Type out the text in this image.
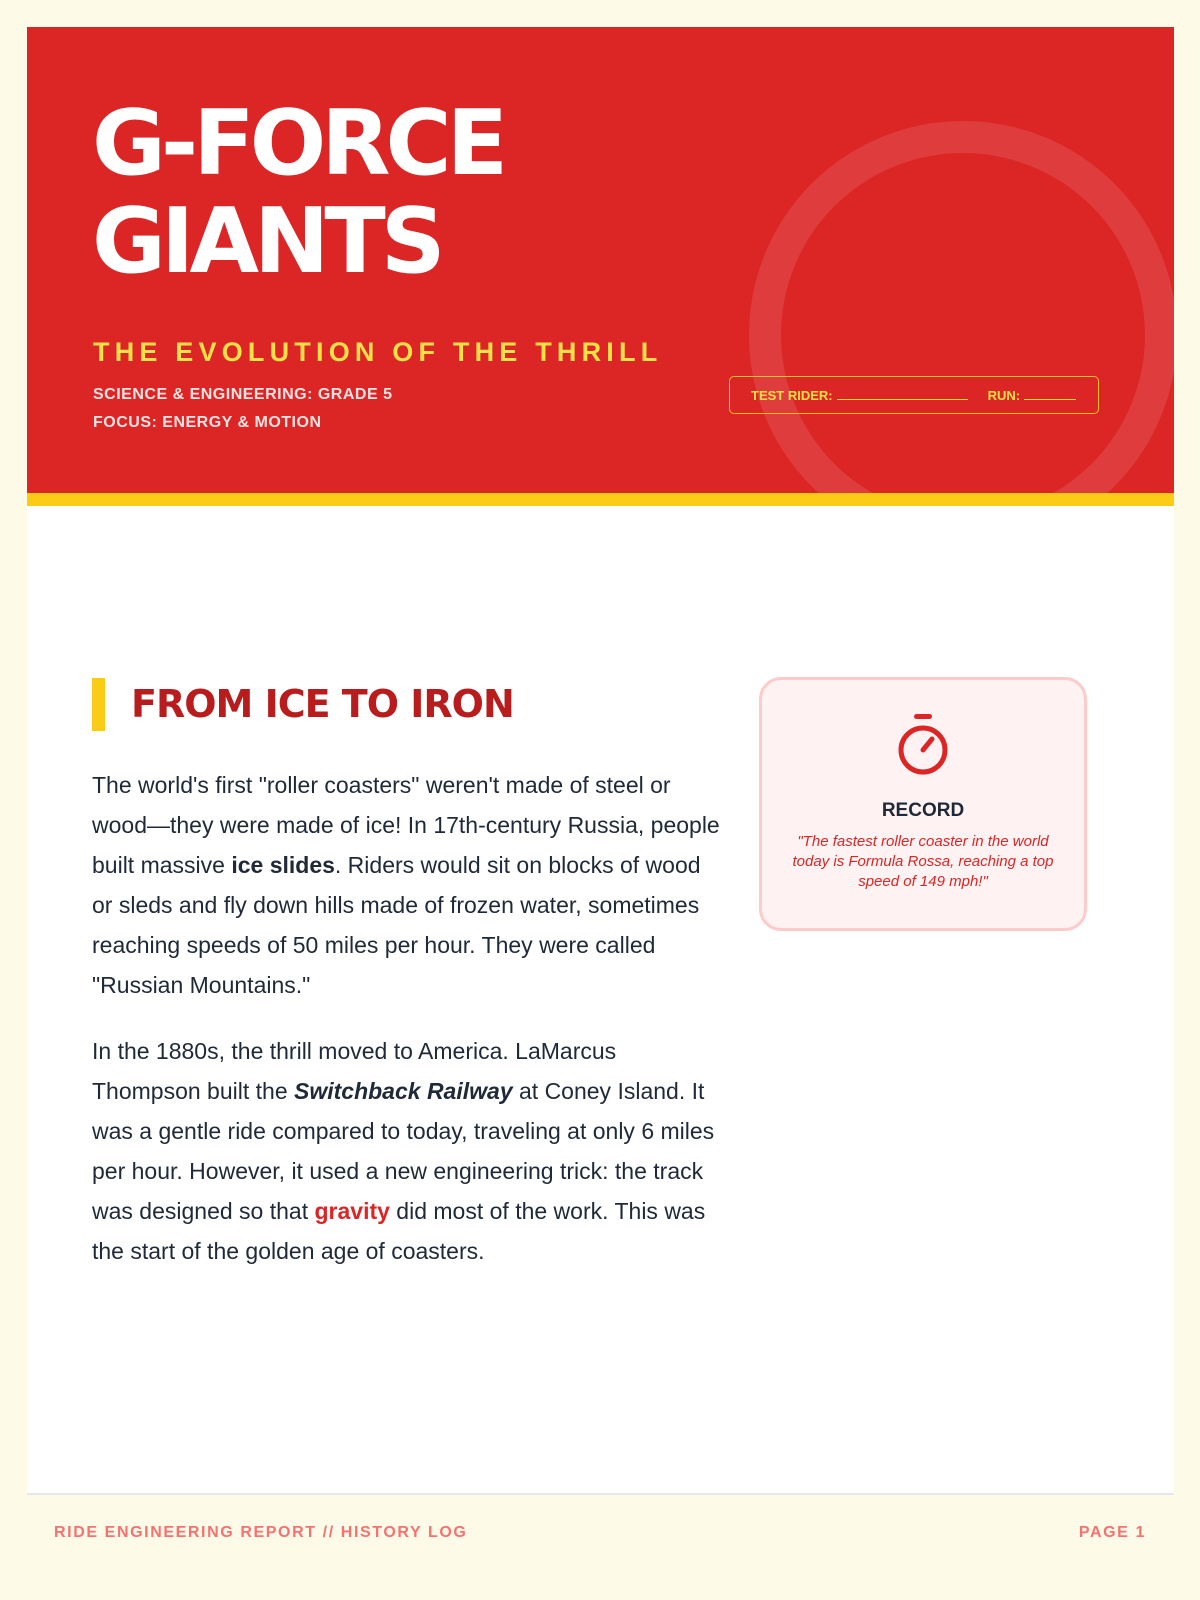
G-FORCE
GIANTS
THE EVOLUTION OF THE THRILL
SCIENCE & ENGINEERING: GRADE 5
FOCUS: ENERGY & MOTION
TEST RIDER:	RUN:
FROM ICE TO IRON

The world's first "roller coasters" weren't made of steel or wood—they were made of ice! In 17th-century Russia, people built massive ice slides. Riders would sit on blocks of wood or sleds and fly down hills made of frozen water, sometimes reaching speeds of 50 miles per hour. They were called "Russian Mountains."

In the 1880s, the thrill moved to America. LaMarcus Thompson built the Switchback Railway at Coney Island. It was a gentle ride compared to today, traveling at only 6 miles per hour. However, it used a new engineering trick: the track was designed so that gravity did most of the work. This was the start of the golden age of coasters.

RECORD
"The fastest roller coaster in the world today is Formula Rossa, reaching a top speed of 149 mph!"
RIDE ENGINEERING REPORT // HISTORY LOG	PAGE 1
